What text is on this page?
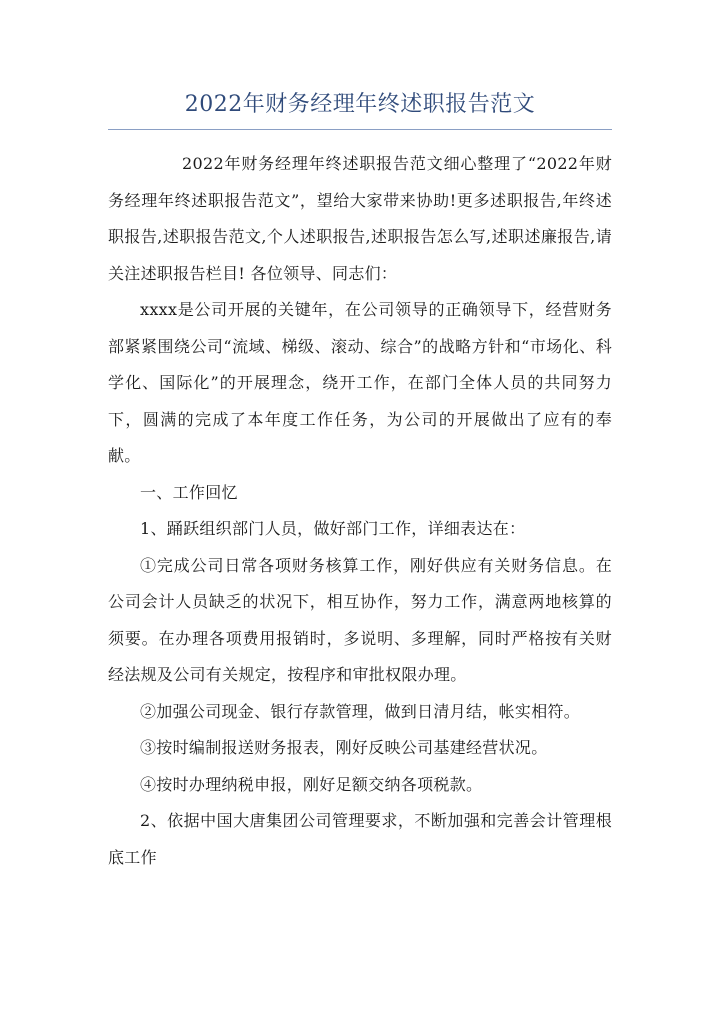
2022年财务经理年终述职报告范文

2022年财务经理年终述职报告范文细心整理了“2022年财务经理年终述职报告范文”，望给大家带来协助!更多述职报告,年终述职报告,述职报告范文,个人述职报告,述职报告怎么写,述职述廉报告,请关注述职报告栏目! 各位领导、同志们：

xxxx是公司开展的关键年，在公司领导的正确领导下，经营财务部紧紧围绕公司“流域、梯级、滚动、综合”的战略方针和“市场化、科学化、国际化”的开展理念，绕开工作，在部门全体人员的共同努力下，圆满的完成了本年度工作任务，为公司的开展做出了应有的奉献。

一、工作回忆

1、踊跃组织部门人员，做好部门工作，详细表达在：

①完成公司日常各项财务核算工作，刚好供应有关财务信息。在公司会计人员缺乏的状况下，相互协作，努力工作，满意两地核算的须要。在办理各项费用报销时，多说明、多理解，同时严格按有关财经法规及公司有关规定，按程序和审批权限办理。

②加强公司现金、银行存款管理，做到日清月结，帐实相符。

③按时编制报送财务报表，刚好反映公司基建经营状况。

④按时办理纳税申报，刚好足额交纳各项税款。

2、依据中国大唐集团公司管理要求，不断加强和完善会计管理根底工作
